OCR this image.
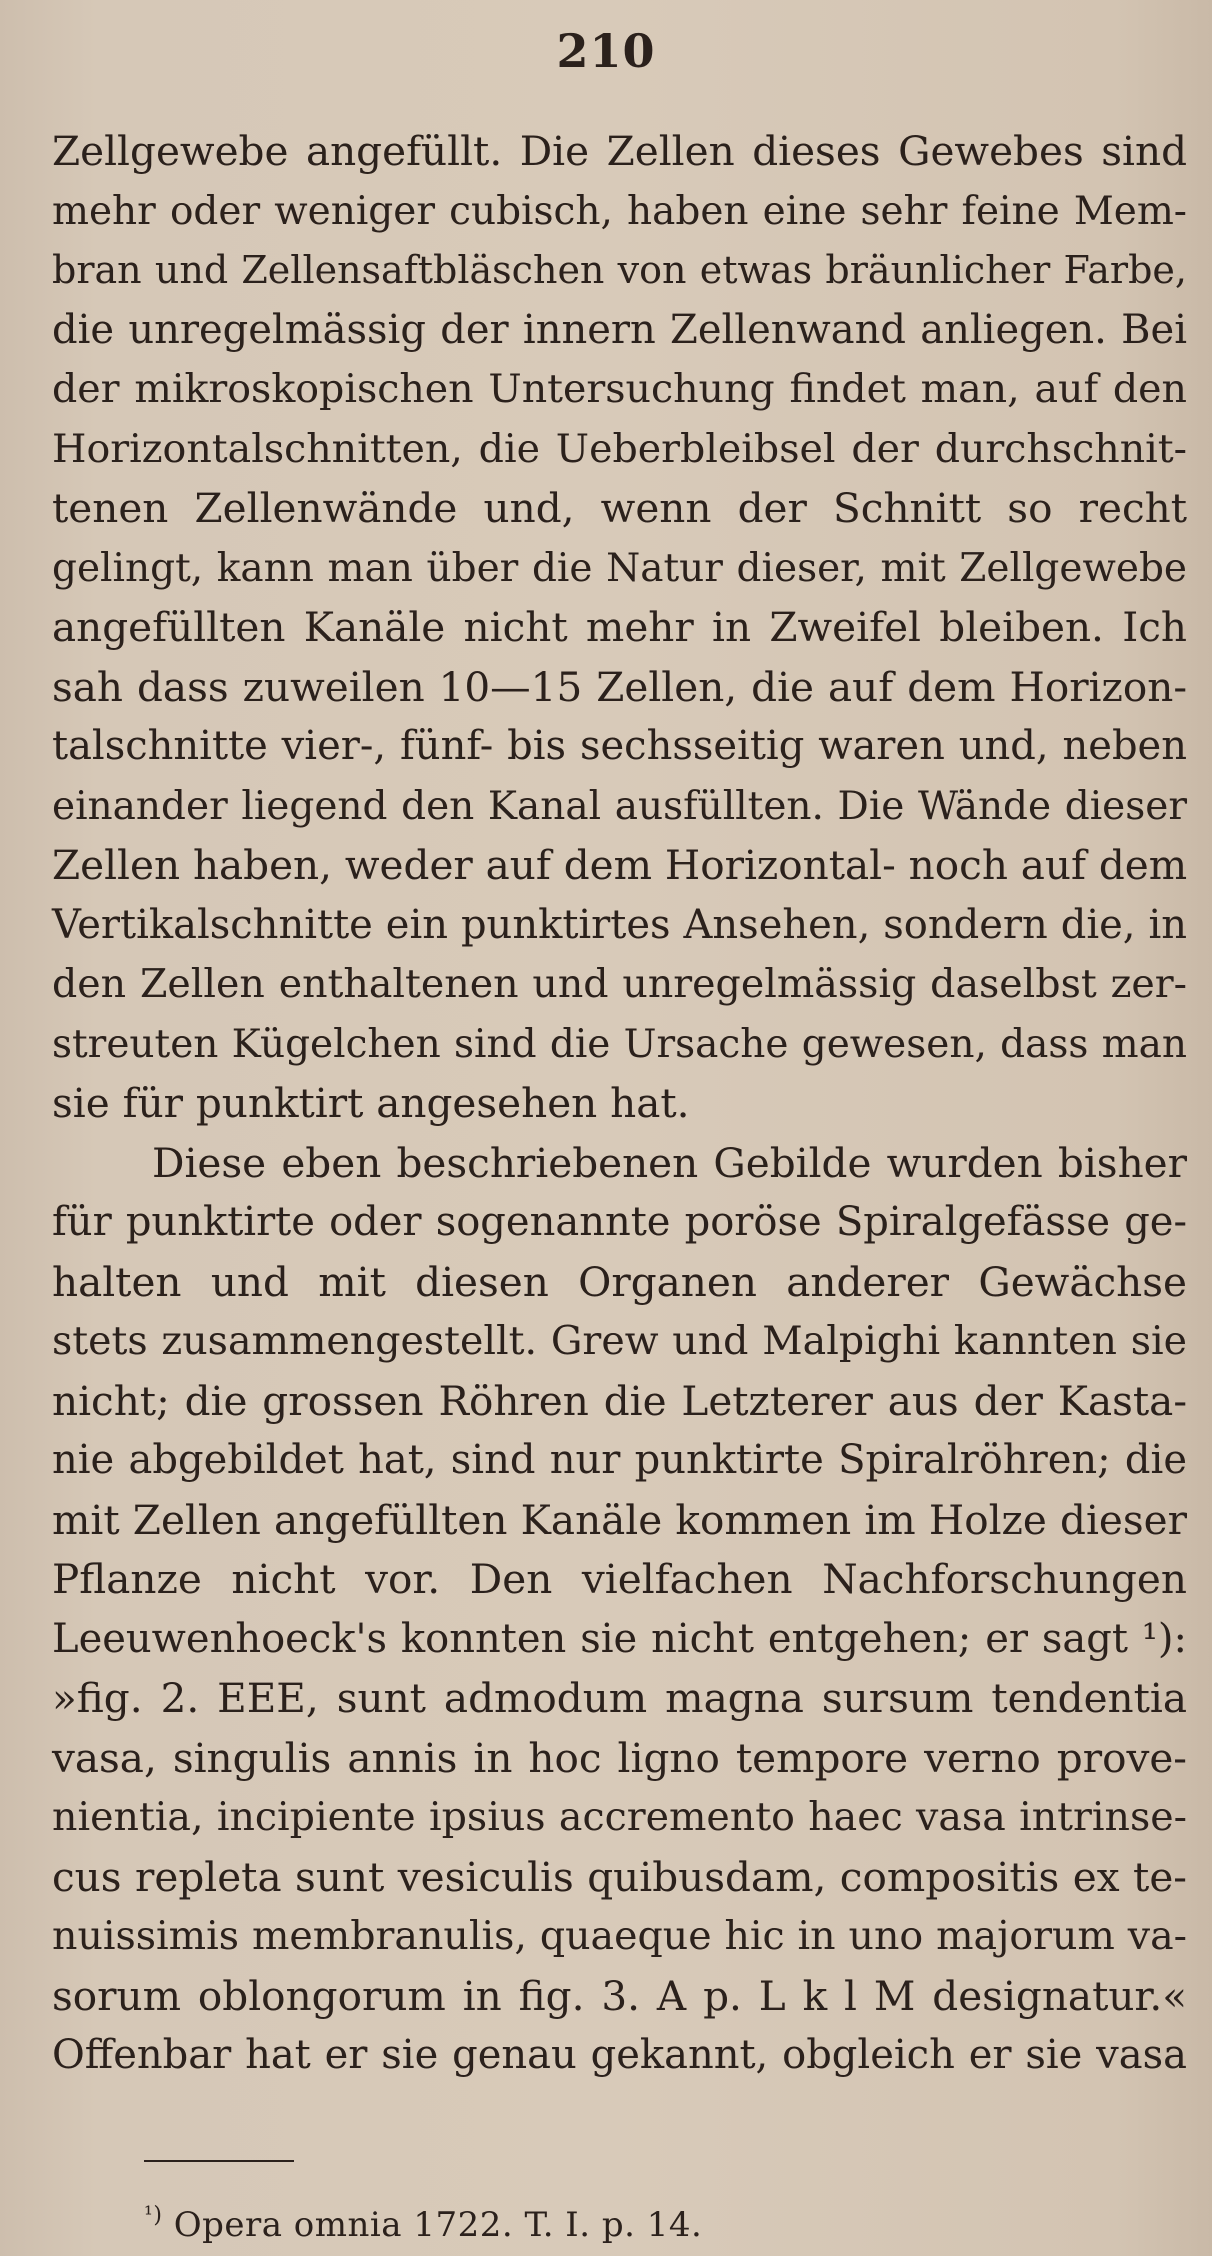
210
Zellgewebe angefüllt. Die Zellen dieses Gewebes sind
mehr oder weniger cubisch, haben eine sehr feine Mem-
bran und Zellensaftbläschen von etwas bräunlicher Farbe,
die unregelmässig der innern Zellenwand anliegen. Bei
der mikroskopischen Untersuchung findet man, auf den
Horizontalschnitten, die Ueberbleibsel der durchschnit-
tenen Zellenwände und, wenn der Schnitt so recht
gelingt, kann man über die Natur dieser, mit Zellgewebe
angefüllten Kanäle nicht mehr in Zweifel bleiben. Ich
sah dass zuweilen 10—15 Zellen, die auf dem Horizon-
talschnitte vier-, fünf- bis sechsseitig waren und, neben
einander liegend den Kanal ausfüllten. Die Wände dieser
Zellen haben, weder auf dem Horizontal- noch auf dem
Vertikalschnitte ein punktirtes Ansehen, sondern die, in
den Zellen enthaltenen und unregelmässig daselbst zer-
streuten Kügelchen sind die Ursache gewesen, dass man
sie für punktirt angesehen hat.
Diese eben beschriebenen Gebilde wurden bisher
für punktirte oder sogenannte poröse Spiralgefässe ge-
halten und mit diesen Organen anderer Gewächse
stets zusammengestellt. Grew und Malpighi kannten sie
nicht; die grossen Röhren die Letzterer aus der Kasta-
nie abgebildet hat, sind nur punktirte Spiralröhren; die
mit Zellen angefüllten Kanäle kommen im Holze dieser
Pflanze nicht vor. Den vielfachen Nachforschungen
Leeuwenhoeck's konnten sie nicht entgehen; er sagt ¹):
»fig. 2. EEE, sunt admodum magna sursum tendentia
vasa, singulis annis in hoc ligno tempore verno prove-
nientia, incipiente ipsius accremento haec vasa intrinse-
cus repleta sunt vesiculis quibusdam, compositis ex te-
nuissimis membranulis, quaeque hic in uno majorum va-
sorum oblongorum in fig. 3. A p. L k l M designatur.«
Offenbar hat er sie genau gekannt, obgleich er sie vasa
$^{^1)}$ Opera omnia 1722. T. I. p. 14.
